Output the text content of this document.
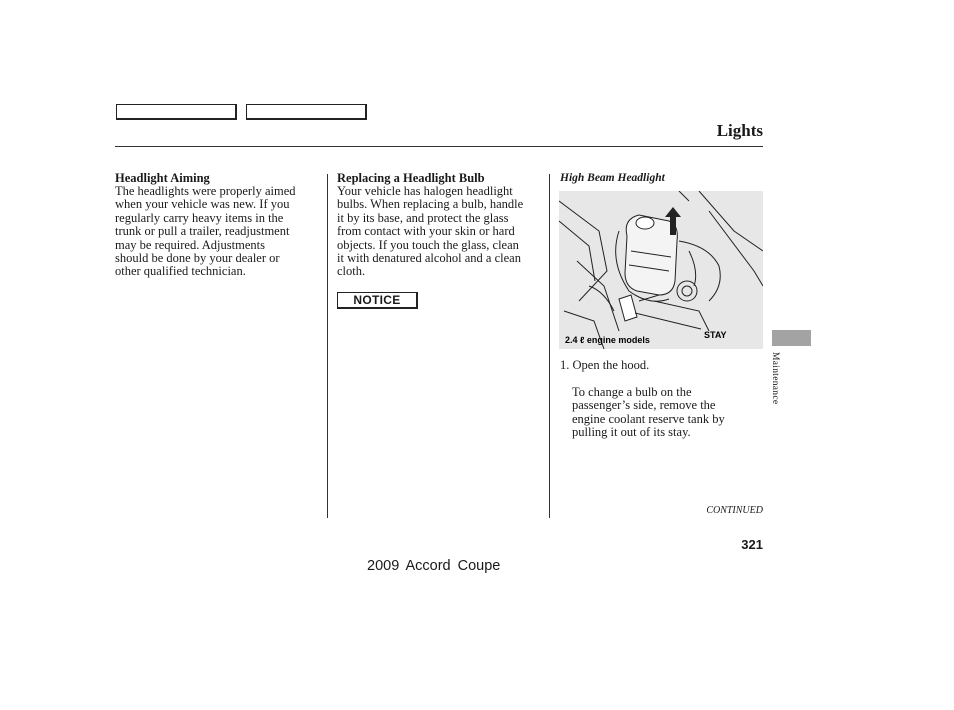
Lights
Headlight Aiming
The headlights were properly aimed
when your vehicle was new. If you
regularly carry heavy items in the
trunk or pull a trailer, readjustment
may be required. Adjustments
should be done by your dealer or
other qualified technician.
Replacing a Headlight Bulb
Your vehicle has halogen headlight
bulbs. When replacing a bulb, handle
it by its base, and protect the glass
from contact with your skin or hard
objects. If you touch the glass, clean
it with denatured alcohol and a clean
cloth.
NOTICE
High Beam Headlight
2.4 ℓ engine models	STAY
1. Open the hood.
To change a bulb on the
passenger’s side, remove the
engine coolant reserve tank by
pulling it out of its stay.
Maintenance
CONTINUED
321
2009 Accord Coupe
